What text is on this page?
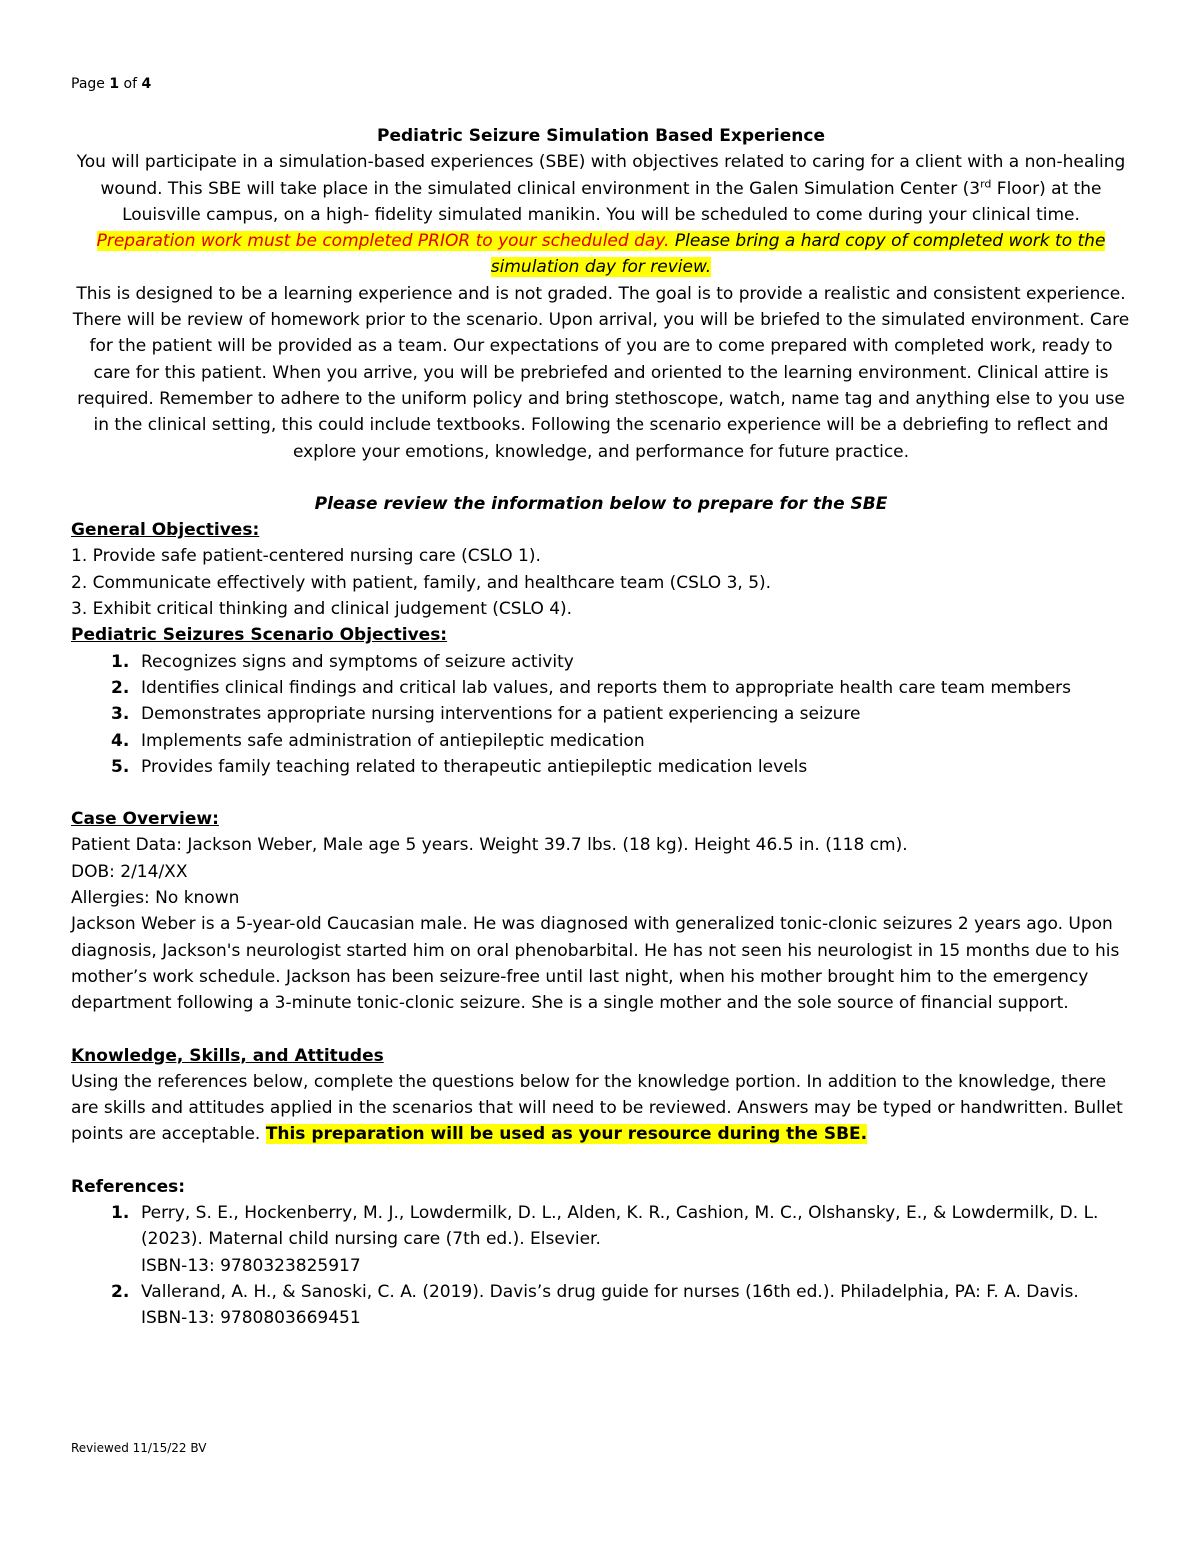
Page 1 of 4
Pediatric Seizure Simulation Based Experience
You will participate in a simulation-based experiences (SBE) with objectives related to caring for a client with a non-healing wound. This SBE will take place in the simulated clinical environment in the Galen Simulation Center (3rd Floor) at the Louisville campus, on a high- fidelity simulated manikin. You will be scheduled to come during your clinical time.
Preparation work must be completed PRIOR to your scheduled day. Please bring a hard copy of completed work to the simulation day for review.
This is designed to be a learning experience and is not graded. The goal is to provide a realistic and consistent experience. There will be review of homework prior to the scenario. Upon arrival, you will be briefed to the simulated environment. Care for the patient will be provided as a team. Our expectations of you are to come prepared with completed work, ready to care for this patient. When you arrive, you will be prebriefed and oriented to the learning environment. Clinical attire is required. Remember to adhere to the uniform policy and bring stethoscope, watch, name tag and anything else to you use in the clinical setting, this could include textbooks. Following the scenario experience will be a debriefing to reflect and explore your emotions, knowledge, and performance for future practice.
Please review the information below to prepare for the SBE
General Objectives:
1. Provide safe patient-centered nursing care (CSLO 1).
2. Communicate effectively with patient, family, and healthcare team (CSLO 3, 5).
3. Exhibit critical thinking and clinical judgement (CSLO 4).
Pediatric Seizures Scenario Objectives:
1. Recognizes signs and symptoms of seizure activity
2. Identifies clinical findings and critical lab values, and reports them to appropriate health care team members
3. Demonstrates appropriate nursing interventions for a patient experiencing a seizure
4. Implements safe administration of antiepileptic medication
5. Provides family teaching related to therapeutic antiepileptic medication levels
Case Overview:
Patient Data: Jackson Weber, Male age 5 years. Weight 39.7 lbs. (18 kg). Height 46.5 in. (118 cm).
DOB: 2/14/XX
Allergies: No known
Jackson Weber is a 5-year-old Caucasian male. He was diagnosed with generalized tonic-clonic seizures 2 years ago. Upon diagnosis, Jackson's neurologist started him on oral phenobarbital. He has not seen his neurologist in 15 months due to his mother’s work schedule. Jackson has been seizure-free until last night, when his mother brought him to the emergency department following a 3-minute tonic-clonic seizure. She is a single mother and the sole source of financial support.
Knowledge, Skills, and Attitudes
Using the references below, complete the questions below for the knowledge portion. In addition to the knowledge, there are skills and attitudes applied in the scenarios that will need to be reviewed. Answers may be typed or handwritten. Bullet points are acceptable. This preparation will be used as your resource during the SBE.
References:
1. Perry, S. E., Hockenberry, M. J., Lowdermilk, D. L., Alden, K. R., Cashion, M. C., Olshansky, E., & Lowdermilk, D. L. (2023). Maternal child nursing care (7th ed.). Elsevier.
ISBN-13: 9780323825917
2. Vallerand, A. H., & Sanoski, C. A. (2019). Davis’s drug guide for nurses (16th ed.). Philadelphia, PA: F. A. Davis.
ISBN-13: 9780803669451
Reviewed 11/15/22 BV
